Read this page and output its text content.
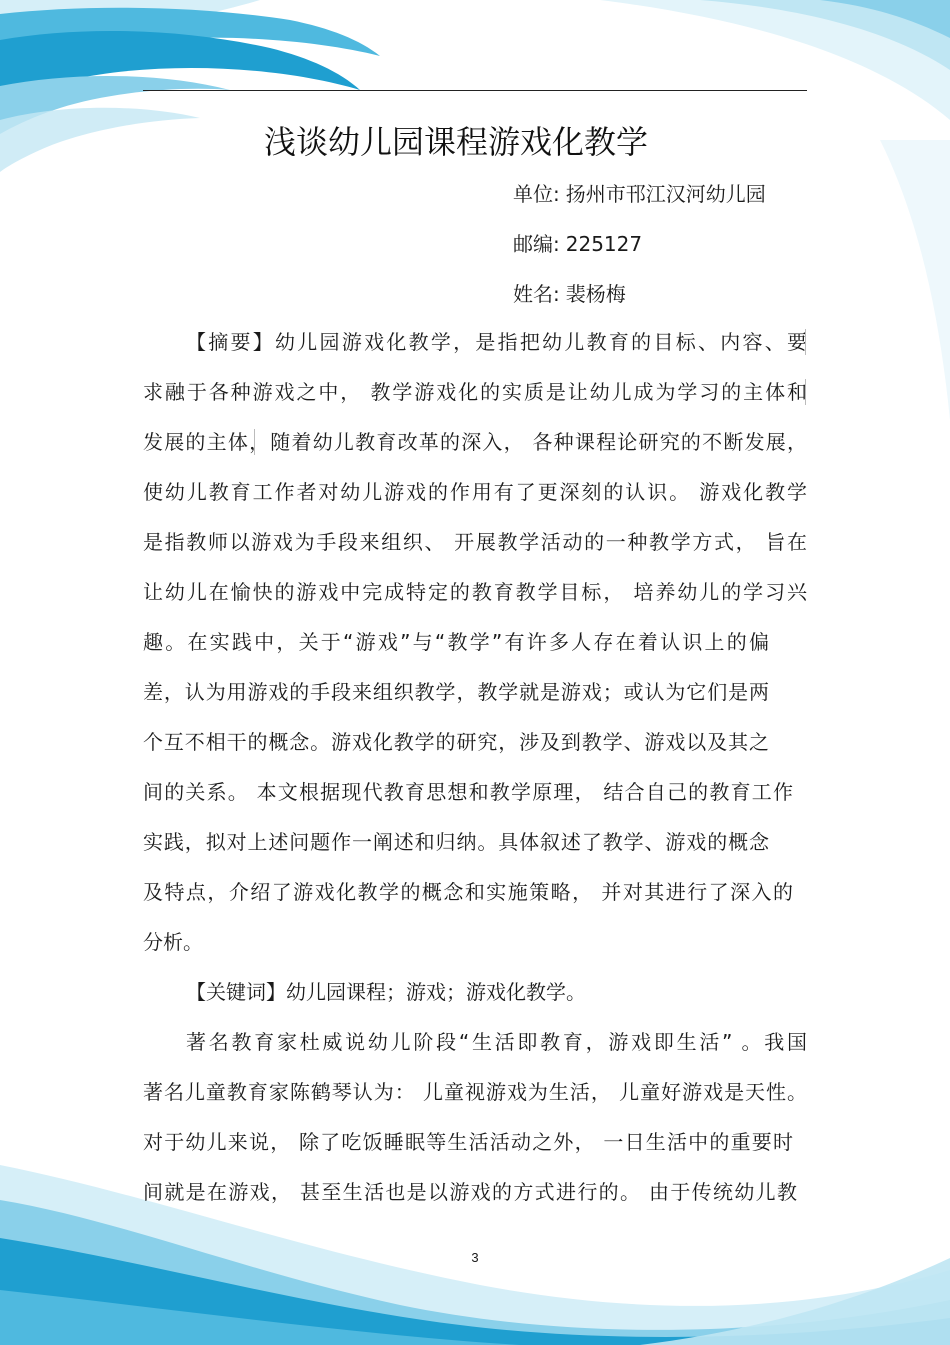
浅谈幼儿园课程游戏化教学
单位: 扬州市邗江汉河幼儿园
邮编: 225127
姓名: 裴杨梅
【摘要】幼儿园游戏化教学，是指把幼儿教育的目标、内容、要
求融于各种游戏之中， 教学游戏化的实质是让幼儿成为学习的主体和
发展的主体，随着幼儿教育改革的深入， 各种课程论研究的不断发展，
使幼儿教育工作者对幼儿游戏的作用有了更深刻的认识。 游戏化教学
是指教师以游戏为手段来组织、 开展教学活动的一种教学方式， 旨在
让幼儿在愉快的游戏中完成特定的教育教学目标， 培养幼儿的学习兴
趣。在实践中，关于“游戏”与“教学”有许多人存在着认识上的偏
差，认为用游戏的手段来组织教学，教学就是游戏；或认为它们是两
个互不相干的概念。游戏化教学的研究，涉及到教学、游戏以及其之
间的关系。 本文根据现代教育思想和教学原理， 结合自己的教育工作
实践，拟对上述问题作一阐述和归纳。具体叙述了教学、游戏的概念
及特点，介绍了游戏化教学的概念和实施策略， 并对其进行了深入的
分析。
【关键词】幼儿园课程；游戏；游戏化教学。
著名教育家杜威说幼儿阶段“生活即教育，游戏即生活” 。我国
著名儿童教育家陈鹤琴认为： 儿童视游戏为生活， 儿童好游戏是天性。
对于幼儿来说， 除了吃饭睡眠等生活活动之外， 一日生活中的重要时
间就是在游戏， 甚至生活也是以游戏的方式进行的。 由于传统幼儿教
3
